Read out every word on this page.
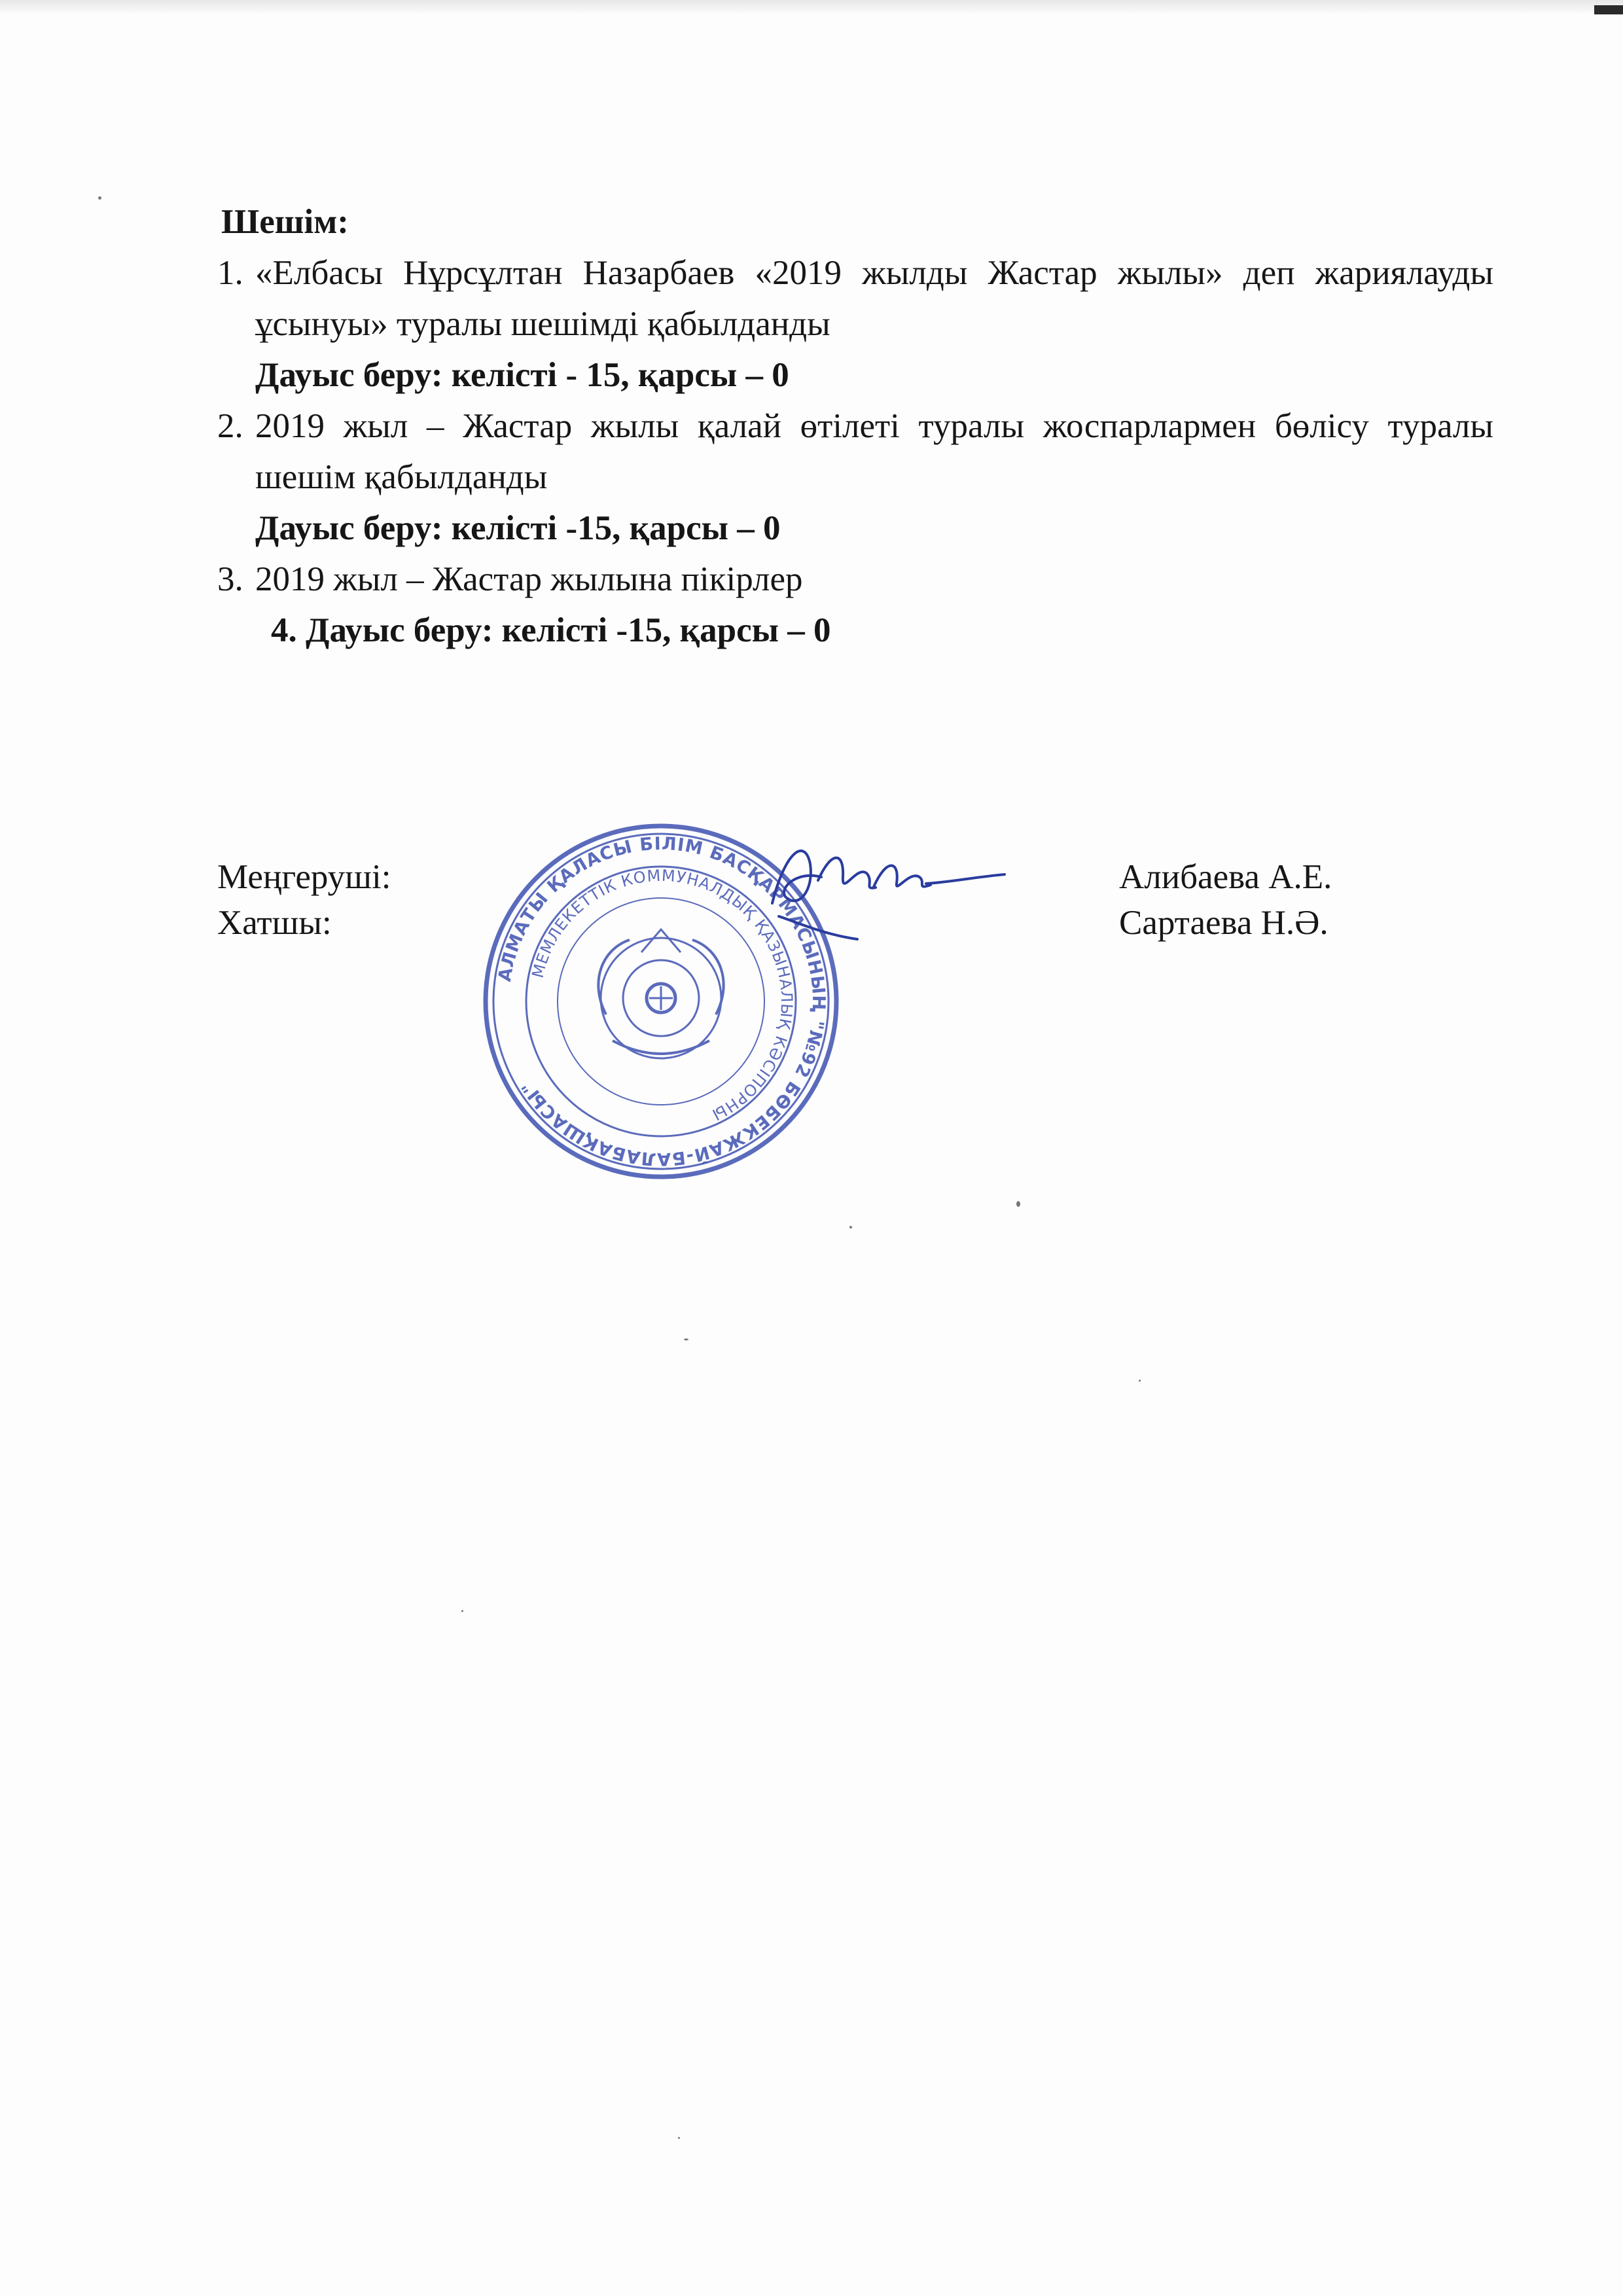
Шешім:
1. «Елбасы Нұрсұлтан Назарбаев «2019 жылды Жастар жылы» деп жариялауды ұсынуы» туралы шешімді қабылданды
Дауыс беру: келісті - 15, қарсы – 0
2. 2019 жыл – Жастар жылы қалай өтілеті туралы жоспарлармен бөлісу туралы шешім қабылданды
Дауыс беру: келісті -15, қарсы – 0
3. 2019 жыл – Жастар жылына пікірлер
4. Дауыс беру: келісті -15, қарсы – 0
Меңгеруші:	Алибаева А.Е.
Хатшы:	Сартаева Н.Ә.
АЛМАТЫ ҚАЛАСЫ БІЛІМ БАСҚАРМАСЫНЫҢ "№92 БӨБЕКЖАЙ-БАЛАБАҚШАСЫ"
МЕМЛЕКЕТТІК КОММУНАЛДЫҚ ҚАЗЫНАЛЫҚ КӘСІПОРНЫ
